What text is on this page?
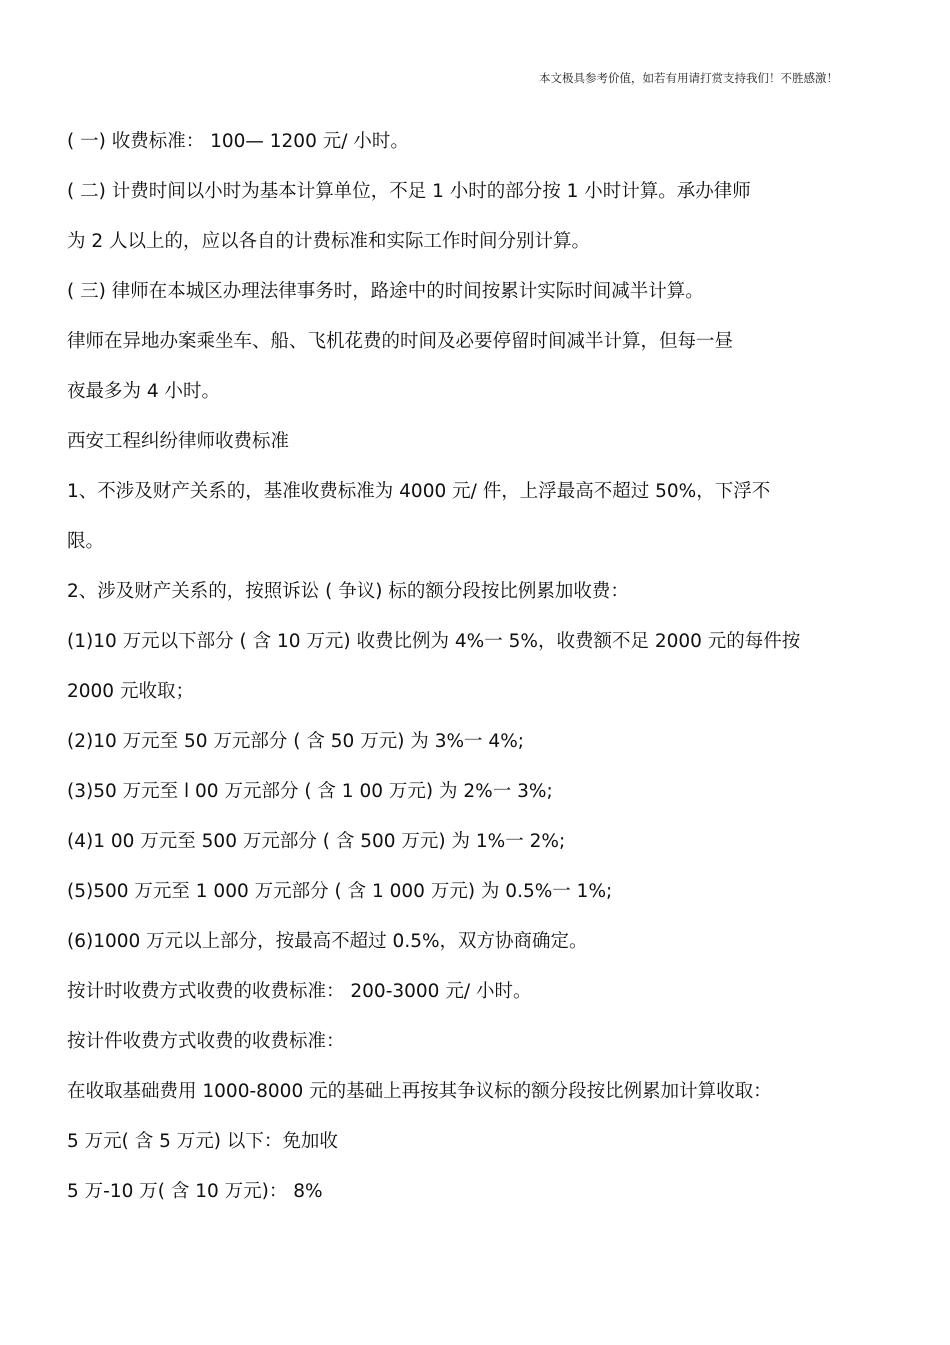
本文极具参考价值，如若有用请打赏支持我们！不胜感激！
( 一) 收费标准： 100— 1200 元/ 小时。
( 二) 计费时间以小时为基本计算单位，不足 1 小时的部分按 1 小时计算。承办律师
为 2 人以上的，应以各自的计费标准和实际工作时间分别计算。
( 三) 律师在本城区办理法律事务时，路途中的时间按累计实际时间减半计算。
律师在异地办案乘坐车、船、飞机花费的时间及必要停留时间减半计算，但每一昼
夜最多为 4 小时。
西安工程纠纷律师收费标准
1、不涉及财产关系的，基准收费标准为 4000 元/ 件，上浮最高不超过 50%，下浮不
限。
2、涉及财产关系的，按照诉讼 ( 争议) 标的额分段按比例累加收费：
(1)10 万元以下部分 ( 含 10 万元) 收费比例为 4%一 5%，收费额不足 2000 元的每件按
2000 元收取；
(2)10 万元至 50 万元部分 ( 含 50 万元) 为 3%一 4%;
(3)50 万元至 l 00 万元部分 ( 含 1 00 万元) 为 2%一 3%;
(4)1 00 万元至 500 万元部分 ( 含 500 万元) 为 1%一 2%;
(5)500 万元至 1 000 万元部分 ( 含 1 000 万元) 为 0.5%一 1%;
(6)1000 万元以上部分，按最高不超过 0.5%，双方协商确定。
按计时收费方式收费的收费标准： 200-3000 元/ 小时。
按计件收费方式收费的收费标准：
在收取基础费用 1000-8000 元的基础上再按其争议标的额分段按比例累加计算收取：
5 万元( 含 5 万元) 以下：免加收
5 万-10 万( 含 10 万元)： 8%
